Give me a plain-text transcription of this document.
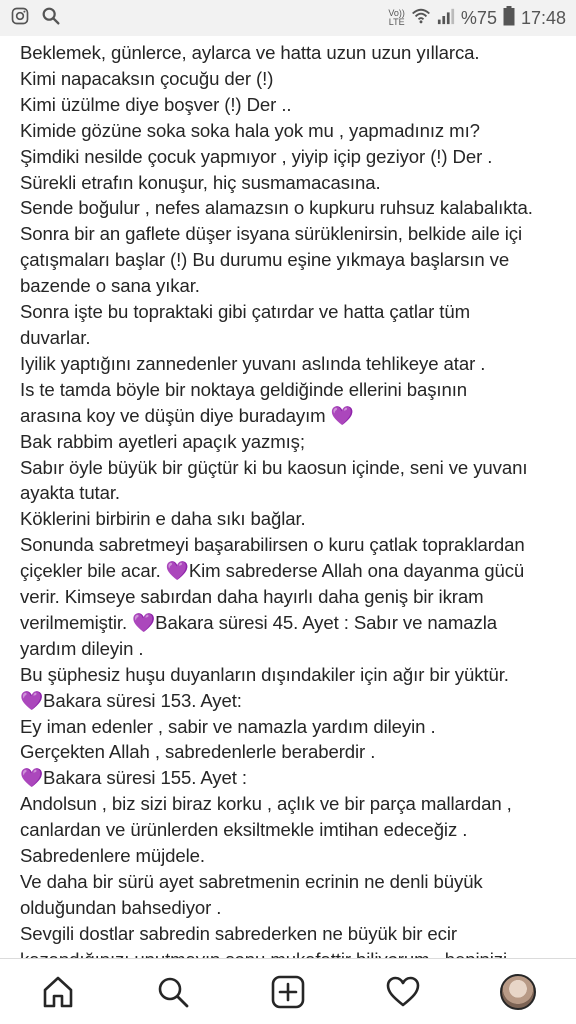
Beklemek, günlerce, aylarca ve hatta uzun uzun yıllarca.
Kimi napacaksın çocuğu der (!)
Kimi üzülme diye boşver (!) Der ..
Kimide gözüne soka soka hala yok mu , yapmadınız mı?
Şimdiki nesilde çocuk yapmıyor , yiyip içip geziyor (!) Der .
Sürekli etrafın konuşur, hiç susmamacasına.
Sende boğulur , nefes alamazsın o kupkuru ruhsuz kalabalıkta.
Sonra bir an gaflete düşer isyana sürüklenirsin, belkide aile içi
çatışmaları başlar (!) Bu durumu eşine yıkmaya başlarsın ve
bazende o sana yıkar.
Sonra işte bu topraktaki gibi çatırdar ve hatta çatlar tüm
duvarlar.
Iyilik yaptığını zannedenler yuvanı aslında tehlikeye atar .
Is te tamda böyle bir noktaya geldiğinde ellerini başının
arasına koy ve düşün diye buradayım 💜
Bak rabbim ayetleri apaçık yazmış;
Sabır öyle büyük bir güçtür ki bu kaosun içinde, seni ve yuvanı
ayakta tutar.
Köklerini birbirin e daha sıkı bağlar.
Sonunda sabretmeyi başarabilirsen o kuru çatlak topraklardan
çiçekler bile acar. 💜Kim sabrederse Allah ona dayanma gücü
verir. Kimseye sabırdan daha hayırlı daha geniş bir ikram
verilmemiştir. 💜Bakara süresi 45. Ayet : Sabır ve namazla
yardım dileyin .
Bu şüphesiz huşu duyanların dışındakiler için ağır bir yüktür.
💜Bakara süresi 153. Ayet:
Ey iman edenler , sabir ve namazla yardım dileyin .
Gerçekten Allah , sabredenlerle beraberdir .
💜Bakara süresi 155. Ayet :
Andolsun , biz sizi biraz korku , açlık ve bir parça mallardan ,
canlardan ve ürünlerden eksiltmekle imtihan edeceğiz .
Sabredenlere müjdele.
Ve daha bir sürü ayet sabretmenin ecrinin ne denli büyük
olduğundan bahsediyor .
Sevgili dostlar sabredin sabrederken ne büyük bir ecir
Vo))
LTE	%75 17:48
